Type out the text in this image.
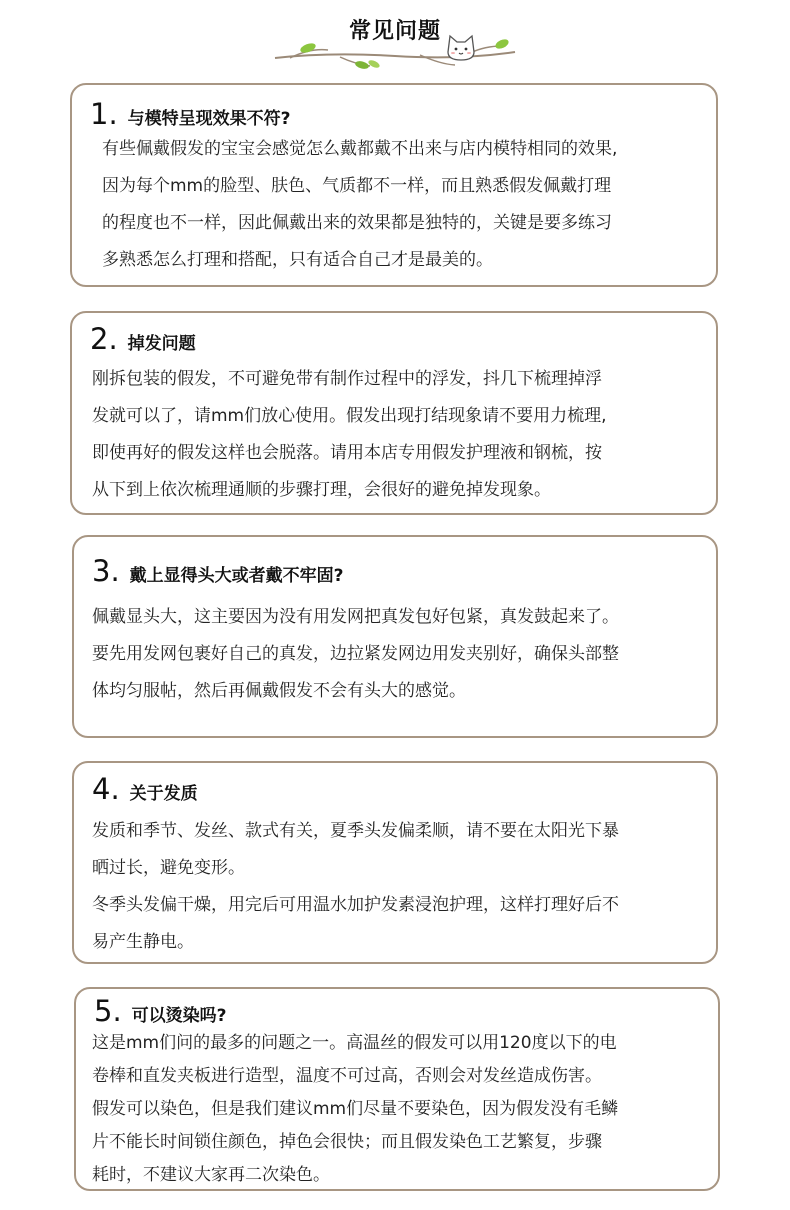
常见问题
1. 与模特呈现效果不符?

有些佩戴假发的宝宝会感觉怎么戴都戴不出来与店内模特相同的效果,

因为每个mm的脸型、肤色、气质都不一样，而且熟悉假发佩戴打理

的程度也不一样，因此佩戴出来的效果都是独特的，关键是要多练习

多熟悉怎么打理和搭配，只有适合自己才是最美的。

2. 掉发问题

刚拆包装的假发，不可避免带有制作过程中的浮发，抖几下梳理掉浮

发就可以了，请mm们放心使用。假发出现打结现象请不要用力梳理,

即使再好的假发这样也会脱落。请用本店专用假发护理液和钢梳，按

从下到上依次梳理通顺的步骤打理，会很好的避免掉发现象。

3. 戴上显得头大或者戴不牢固?

佩戴显头大，这主要因为没有用发网把真发包好包紧，真发鼓起来了。

要先用发网包裹好自己的真发，边拉紧发网边用发夹别好，确保头部整

体均匀服帖，然后再佩戴假发不会有头大的感觉。

4. 关于发质

发质和季节、发丝、款式有关，夏季头发偏柔顺，请不要在太阳光下暴

晒过长，避免变形。

冬季头发偏干燥，用完后可用温水加护发素浸泡护理，这样打理好后不

易产生静电。

5. 可以烫染吗?

这是mm们问的最多的问题之一。高温丝的假发可以用120度以下的电

卷棒和直发夹板进行造型，温度不可过高，否则会对发丝造成伤害。

假发可以染色，但是我们建议mm们尽量不要染色，因为假发没有毛鳞

片不能长时间锁住颜色，掉色会很快；而且假发染色工艺繁复，步骤

耗时，不建议大家再二次染色。
